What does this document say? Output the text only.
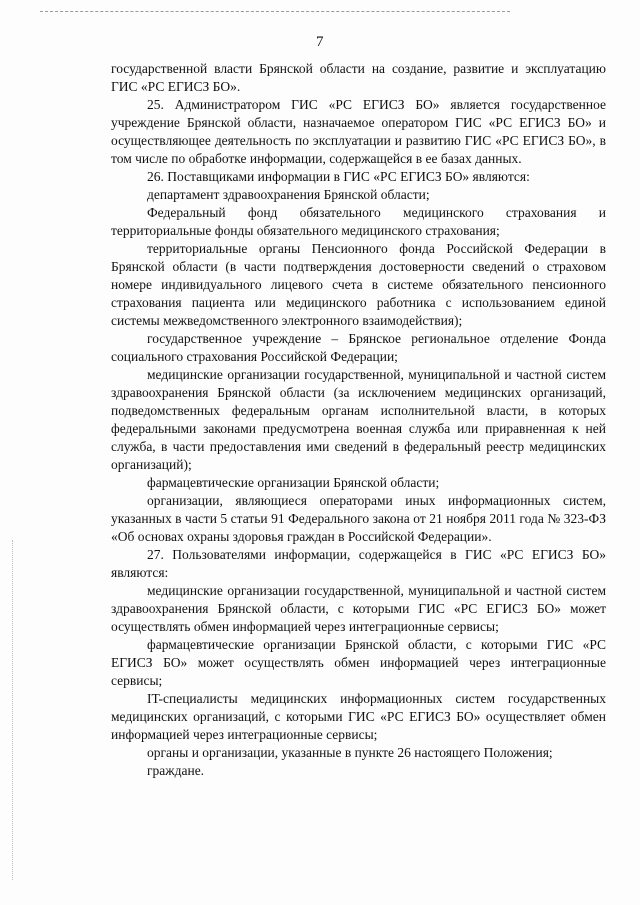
7

государственной власти Брянской области на создание, развитие и эксплуатацию ГИС «РС ЕГИСЗ БО».

25. Администратором ГИС «РС ЕГИСЗ БО» является государственное учреждение Брянской области, назначаемое оператором ГИС «РС ЕГИСЗ БО» и осуществляющее деятельность по эксплуатации и развитию ГИС «РС ЕГИСЗ БО», в том числе по обработке информации, содержащейся в ее базах данных.

26. Поставщиками информации в ГИС «РС ЕГИСЗ БО» являются:

департамент здравоохранения Брянской области;

Федеральный фонд обязательного медицинского страхования и территориальные фонды обязательного медицинского страхования;

территориальные органы Пенсионного фонда Российской Федерации в Брянской области (в части подтверждения достоверности сведений о страховом номере индивидуального лицевого счета в системе обязательного пенсионного страхования пациента или медицинского работника с использованием единой системы межведомственного электронного взаимодействия);

государственное учреждение – Брянское региональное отделение Фонда социального страхования Российской Федерации;

медицинские организации государственной, муниципальной и частной систем здравоохранения Брянской области (за исключением медицинских организаций, подведомственных федеральным органам исполнительной власти, в которых федеральными законами предусмотрена военная служба или приравненная к ней служба, в части предоставления ими сведений в федеральный реестр медицинских организаций);

фармацевтические организации Брянской области;

организации, являющиеся операторами иных информационных систем, указанных в части 5 статьи 91 Федерального закона от 21 ноября 2011 года № 323-ФЗ «Об основах охраны здоровья граждан в Российской Федерации».

27. Пользователями информации, содержащейся в ГИС «РС ЕГИСЗ БО» являются:

медицинские организации государственной, муниципальной и частной систем здравоохранения Брянской области, с которыми ГИС «РС ЕГИСЗ БО» может осуществлять обмен информацией через интеграционные сервисы;

фармацевтические организации Брянской области, с которыми ГИС «РС ЕГИСЗ БО» может осуществлять обмен информацией через интеграционные сервисы;

IT-специалисты медицинских информационных систем государственных медицинских организаций, с которыми ГИС «РС ЕГИСЗ БО» осуществляет обмен информацией через интеграционные сервисы;

органы и организации, указанные в пункте 26 настоящего Положения;

граждане.
